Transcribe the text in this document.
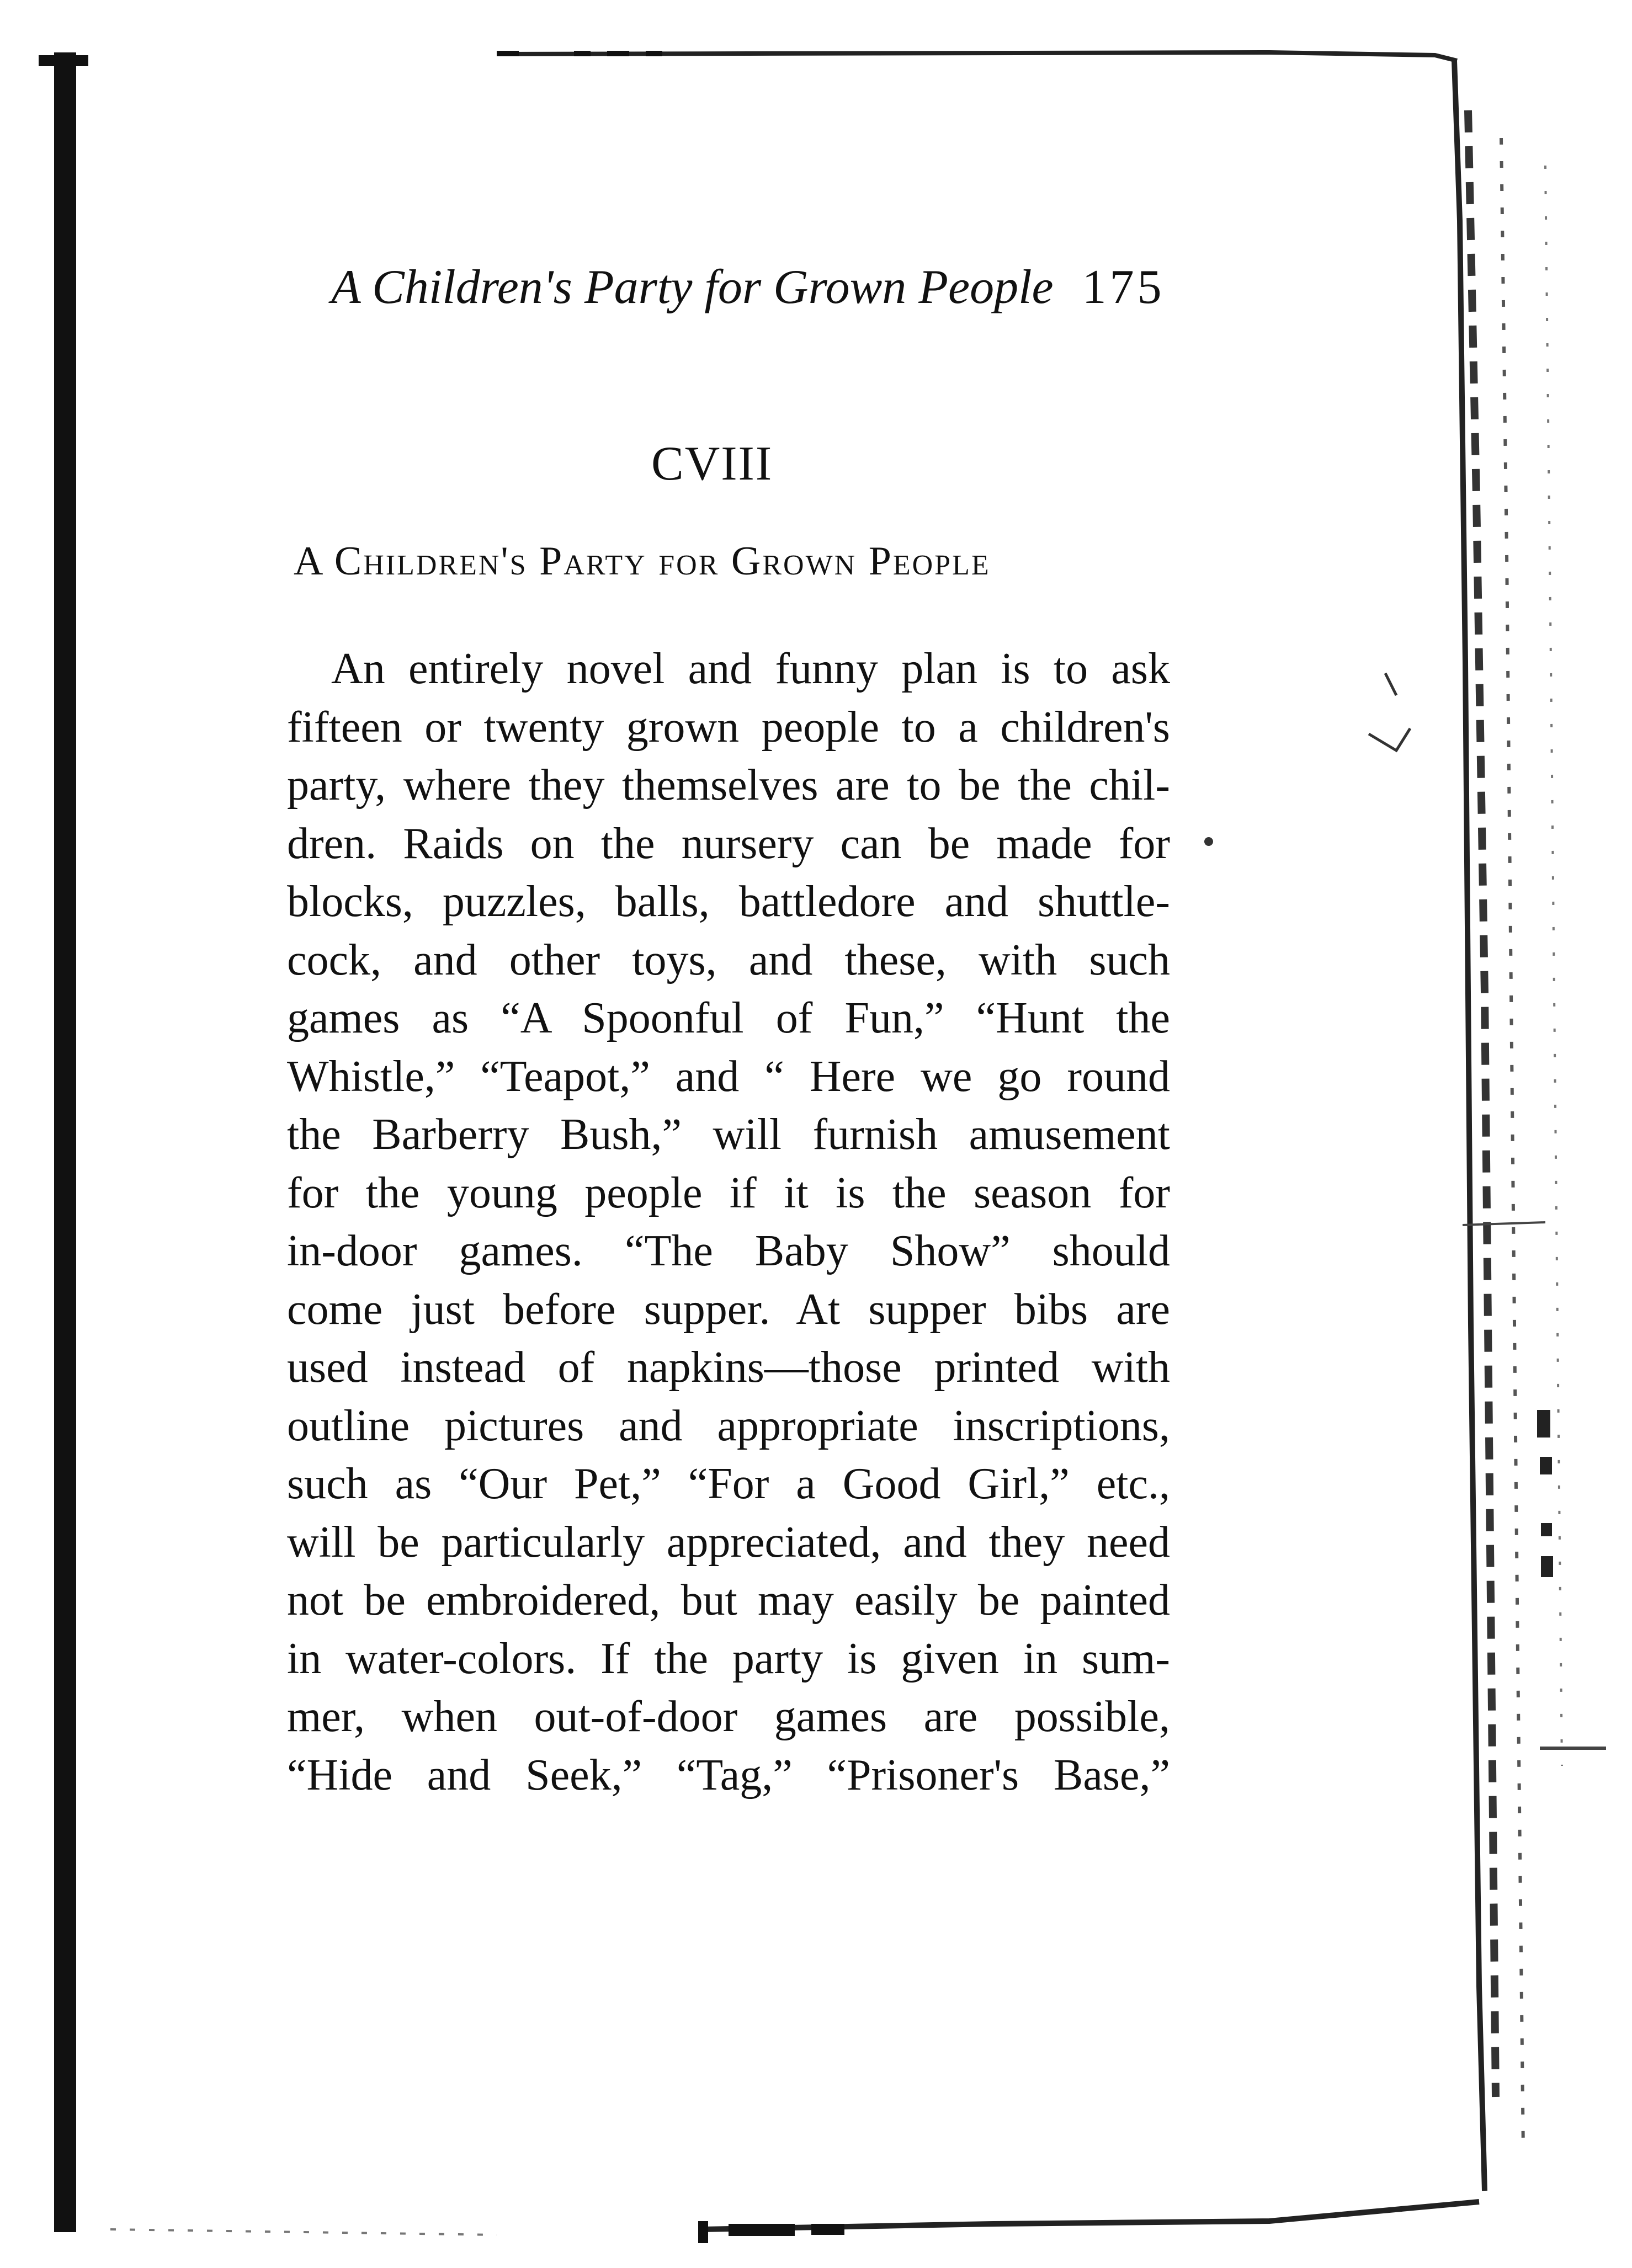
A Children's Party for Grown People 175
CVIII
A Children's Party for Grown People
An entirely novel and funny plan is to ask
fifteen or twenty grown people to a children's
party, where they themselves are to be the chil-
dren. Raids on the nursery can be made for
blocks, puzzles, balls, battledore and shuttle-
cock, and other toys, and these, with such
games as “A Spoonful of Fun,” “Hunt the
Whistle,” “Teapot,” and “ Here we go round
the Barberry Bush,” will furnish amusement
for the young people if it is the season for
in-door games. “The Baby Show” should
come just before supper. At supper bibs are
used instead of napkins—those printed with
outline pictures and appropriate inscriptions,
such as “Our Pet,” “For a Good Girl,” etc.,
will be particularly appreciated, and they need
not be embroidered, but may easily be painted
in water-colors. If the party is given in sum-
mer, when out-of-door games are possible,
“Hide and Seek,” “Tag,” “Prisoner's Base,”
